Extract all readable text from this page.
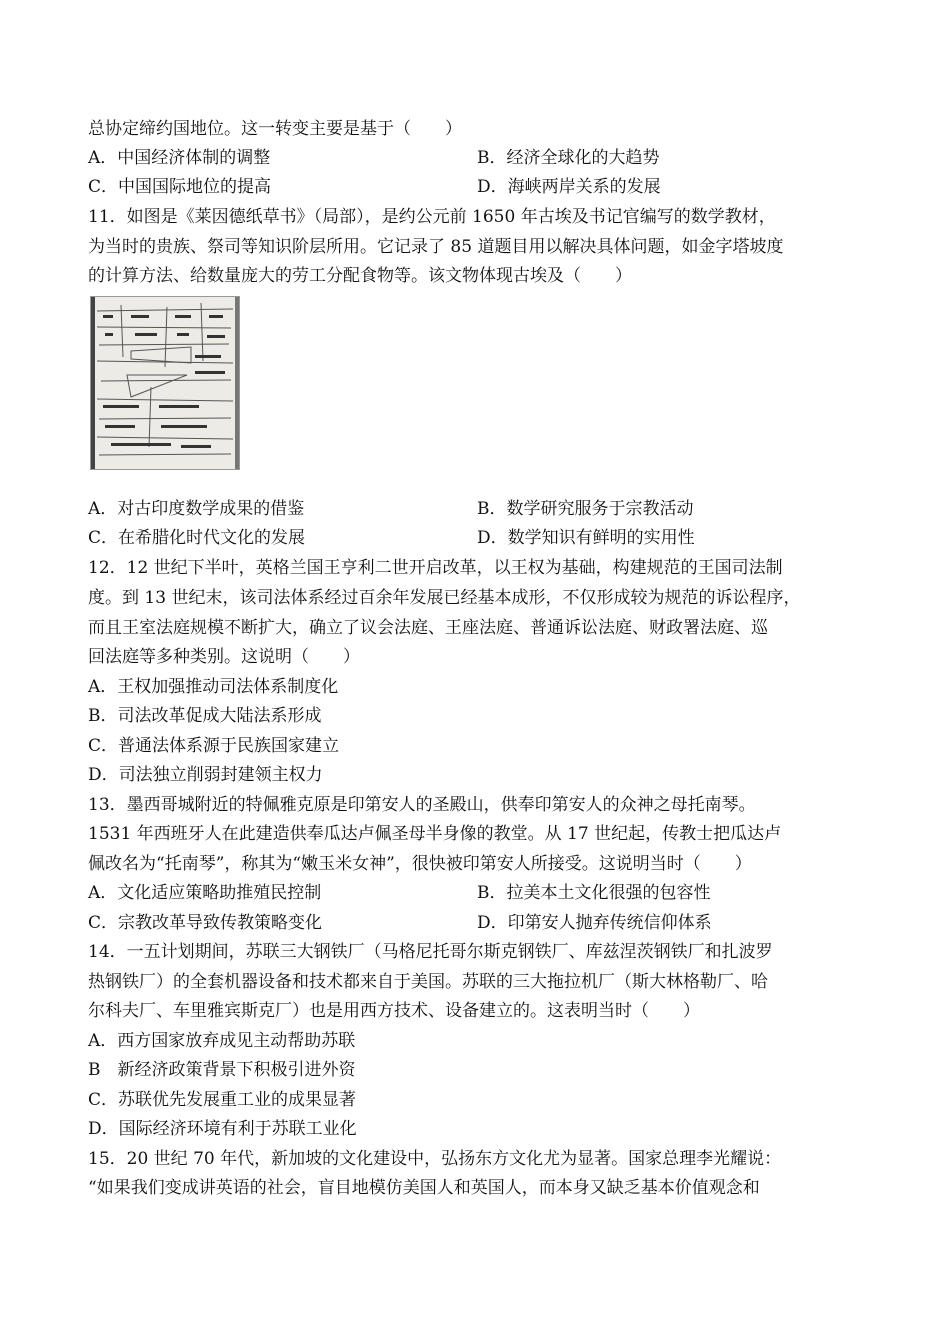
总协定缔约国地位。这一转变主要是基于（　　）
A．中国经济体制的调整	B．经济全球化的大趋势
C．中国国际地位的提高	D．海峡两岸关系的发展
11．如图是《莱因德纸草书》（局部），是约公元前 1650 年古埃及书记官编写的数学教材，
为当时的贵族、祭司等知识阶层所用。它记录了 85 道题目用以解决具体问题，如金字塔坡度
的计算方法、给数量庞大的劳工分配食物等。该文物体现古埃及（　　）
A．对古印度数学成果的借鉴	B．数学研究服务于宗教活动
C．在希腊化时代文化的发展	D．数学知识有鲜明的实用性
12．12 世纪下半叶，英格兰国王亨利二世开启改革，以王权为基础，构建规范的王国司法制
度。到 13 世纪末，该司法体系经过百余年发展已经基本成形，不仅形成较为规范的诉讼程序，
而且王室法庭规模不断扩大，确立了议会法庭、王座法庭、普通诉讼法庭、财政署法庭、巡
回法庭等多种类别。这说明（　　）
A．王权加强推动司法体系制度化
B．司法改革促成大陆法系形成
C．普通法体系源于民族国家建立
D．司法独立削弱封建领主权力
13．墨西哥城附近的特佩雅克原是印第安人的圣殿山，供奉印第安人的众神之母托南琴。
1531 年西班牙人在此建造供奉瓜达卢佩圣母半身像的教堂。从 17 世纪起，传教士把瓜达卢
佩改名为“托南琴”，称其为“嫩玉米女神”，很快被印第安人所接受。这说明当时（　　）
A．文化适应策略助推殖民控制	B．拉美本土文化很强的包容性
C．宗教改革导致传教策略变化	D．印第安人抛弃传统信仰体系
14．一五计划期间，苏联三大钢铁厂（马格尼托哥尔斯克钢铁厂、库兹涅茨钢铁厂和扎波罗
热钢铁厂）的全套机器设备和技术都来自于美国。苏联的三大拖拉机厂（斯大林格勒厂、哈
尔科夫厂、车里雅宾斯克厂）也是用西方技术、设备建立的。这表明当时（　　）
A．西方国家放弃成见主动帮助苏联
B　新经济政策背景下积极引进外资
C．苏联优先发展重工业的成果显著
D．国际经济环境有利于苏联工业化
15．20 世纪 70 年代，新加坡的文化建设中，弘扬东方文化尤为显著。国家总理李光耀说：
“如果我们变成讲英语的社会，盲目地模仿美国人和英国人，而本身又缺乏基本价值观念和
